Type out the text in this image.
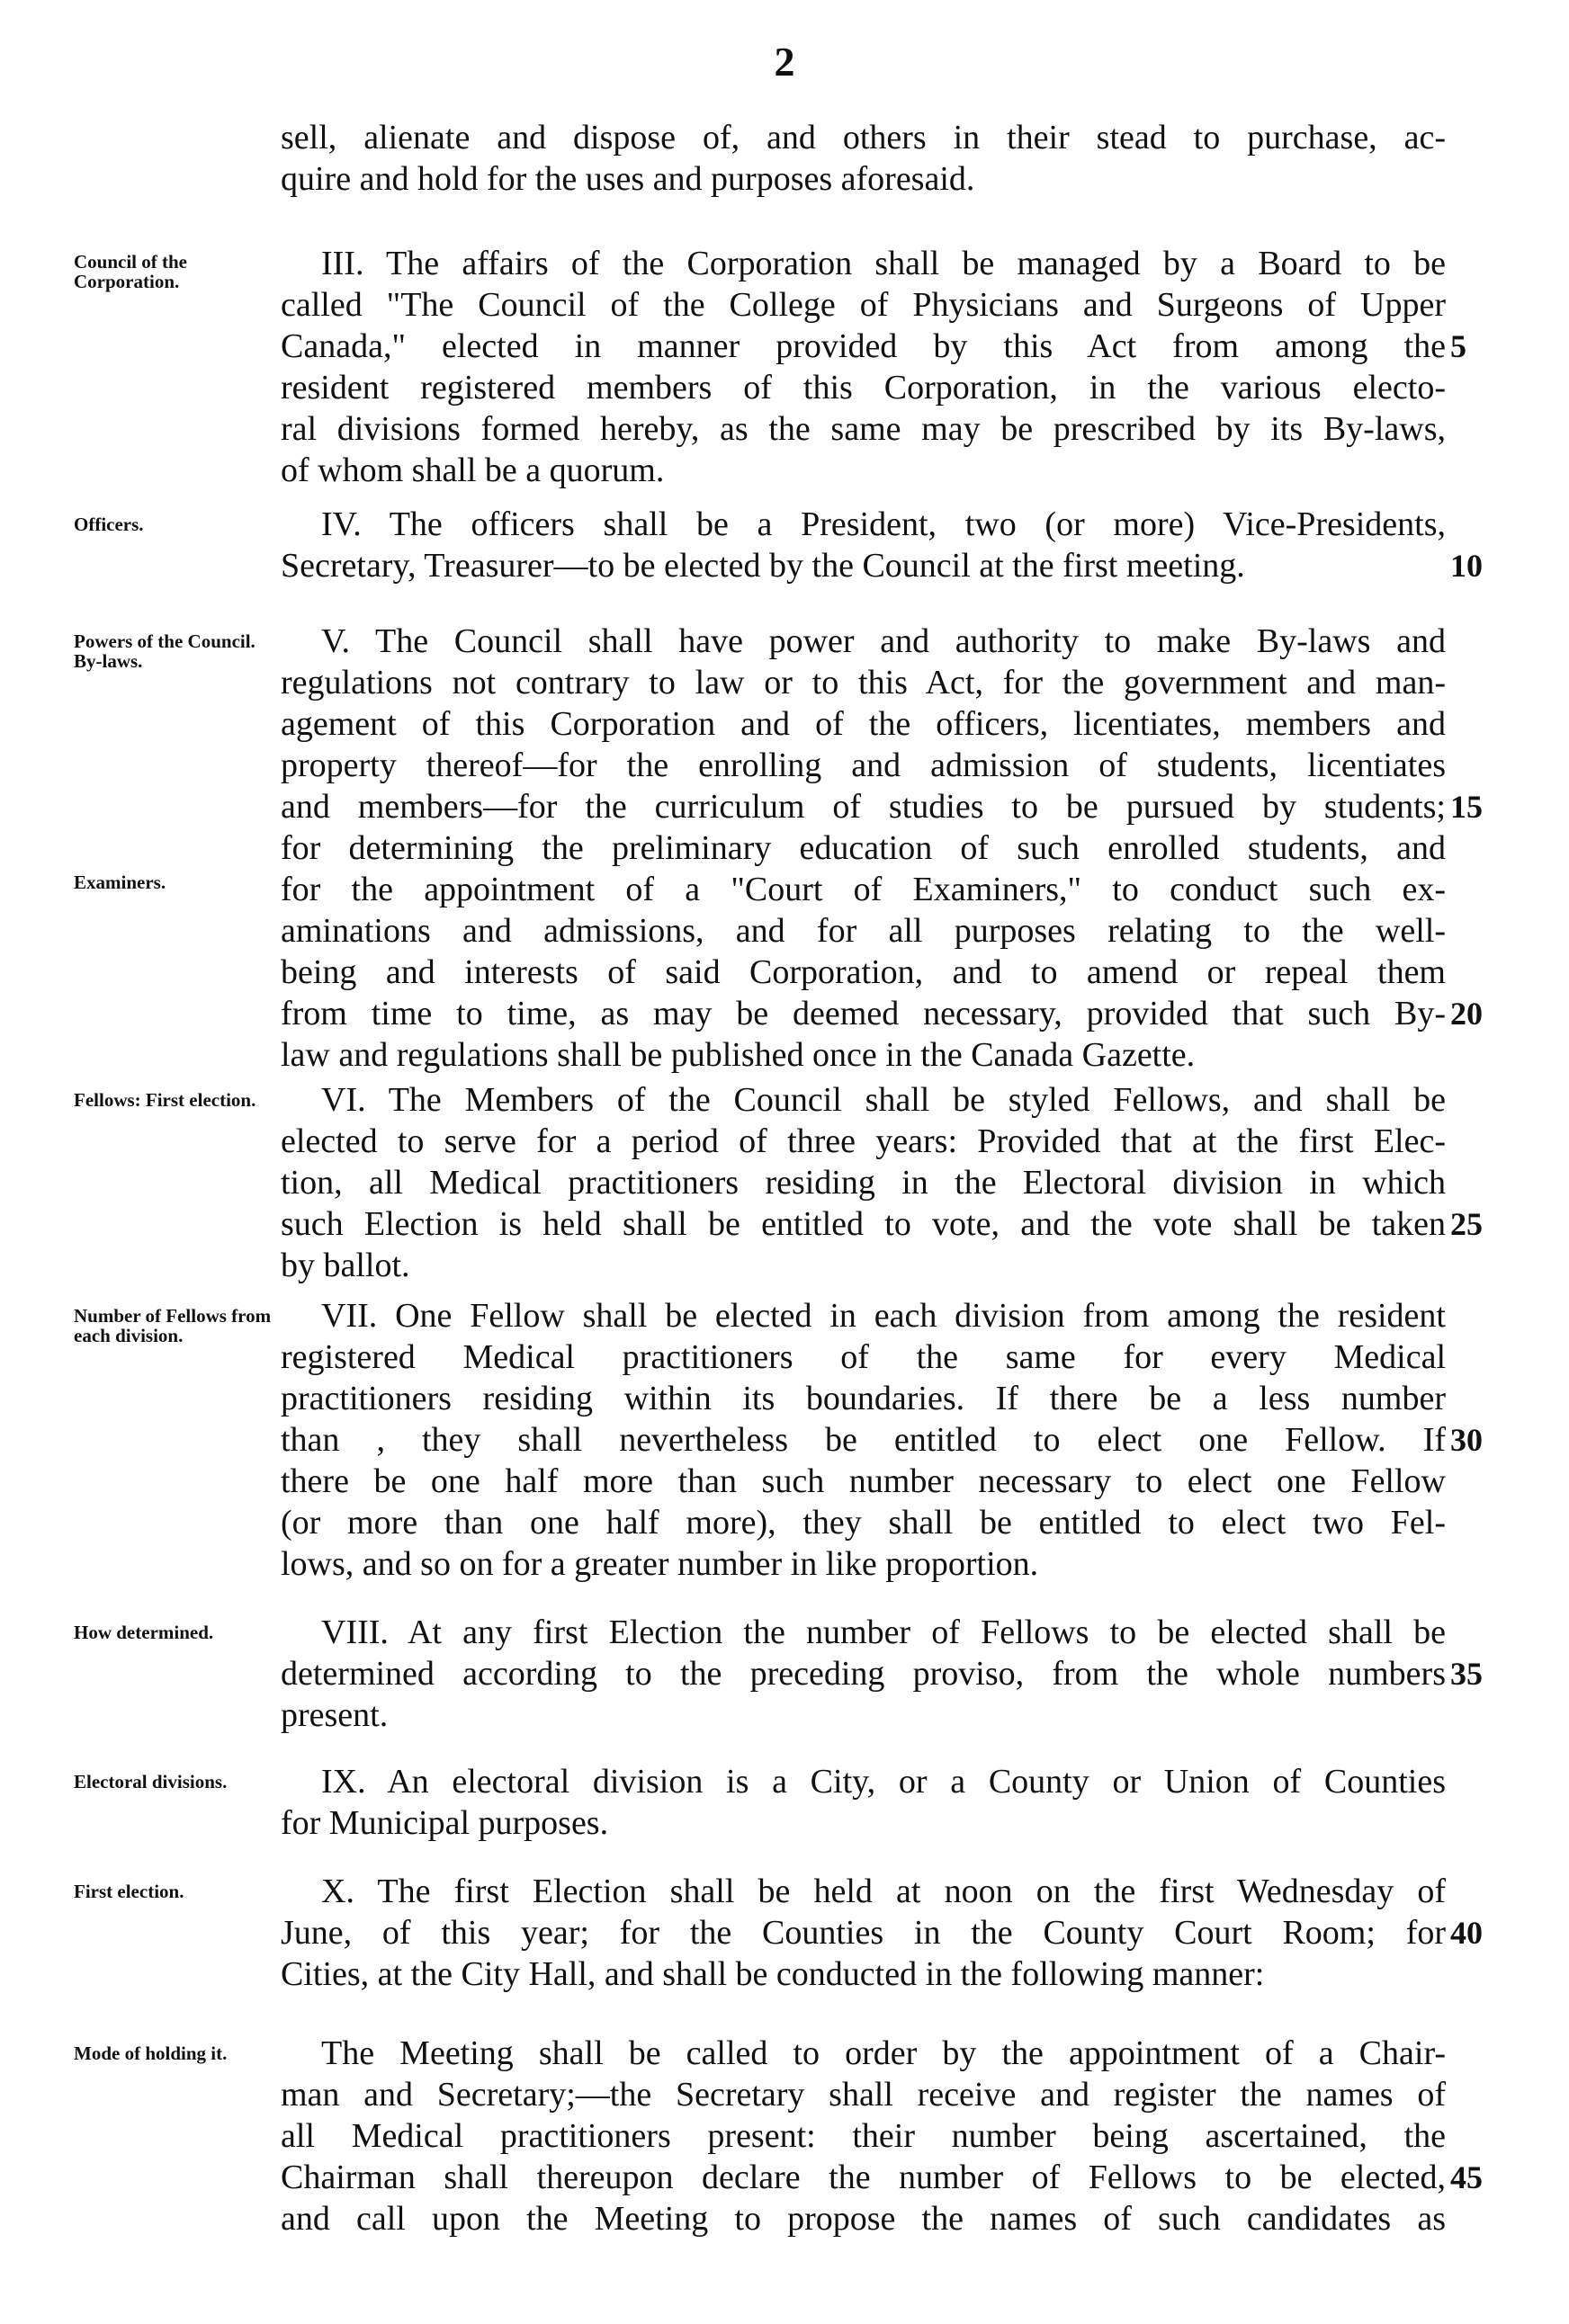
2
sell, alienate and dispose of, and others in their stead to purchase, ac-
quire and hold for the uses and purposes aforesaid.
Council of the Corporation.	III. The affairs of the Corporation shall be managed by a Board to be
called "The Council of the College of Physicians and Surgeons of Upper
Canada," elected in manner provided by this Act from among the
resident registered members of this Corporation, in the various electo-
ral divisions formed hereby, as the same may be prescribed by its By-laws,
of whom shall be a quorum.
Officers.	IV. The officers shall be a President, two (or more) Vice-Presidents,
Secretary, Treasurer—to be elected by the Council at the first meeting.
Powers of the Council. By-laws.
Examiners.
V. The Council shall have power and authority to make By-laws and
regulations not contrary to law or to this Act, for the government and man-
agement of this Corporation and of the officers, licentiates, members and
property thereof—for the enrolling and admission of students, licentiates
and members—for the curriculum of studies to be pursued by students;
for determining the preliminary education of such enrolled students, and
for the appointment of a "Court of Examiners," to conduct such ex-
aminations and admissions, and for all purposes relating to the well-
being and interests of said Corporation, and to amend or repeal them
from time to time, as may be deemed necessary, provided that such By-
law and regulations shall be published once in the Canada Gazette.
Fellows: First election.	VI. The Members of the Council shall be styled Fellows, and shall be
elected to serve for a period of three years: Provided that at the first Elec-
tion, all Medical practitioners residing in the Electoral division in which
such Election is held shall be entitled to vote, and the vote shall be taken
by ballot.
Number of Fellows from each division.
VII. One Fellow shall be elected in each division from among the resident
registered Medical practitioners of the same for every Medical
practitioners residing within its boundaries. If there be a less number
than , they shall nevertheless be entitled to elect one Fellow. If
there be one half more than such number necessary to elect one Fellow
(or more than one half more), they shall be entitled to elect two Fel-
lows, and so on for a greater number in like proportion.
How determined.	VIII. At any first Election the number of Fellows to be elected shall be
determined according to the preceding proviso, from the whole numbers
present.
Electoral divisions.	IX. An electoral division is a City, or a County or Union of Counties
for Municipal purposes.
First election.	X. The first Election shall be held at noon on the first Wednesday of
June, of this year; for the Counties in the County Court Room; for
Cities, at the City Hall, and shall be conducted in the following manner:
Mode of holding it.	The Meeting shall be called to order by the appointment of a Chair-
man and Secretary;—the Secretary shall receive and register the names of
all Medical practitioners present: their number being ascertained, the
Chairman shall thereupon declare the number of Fellows to be elected,
and call upon the Meeting to propose the names of such candidates as
5
10
15
20
25
30
35
40
45
